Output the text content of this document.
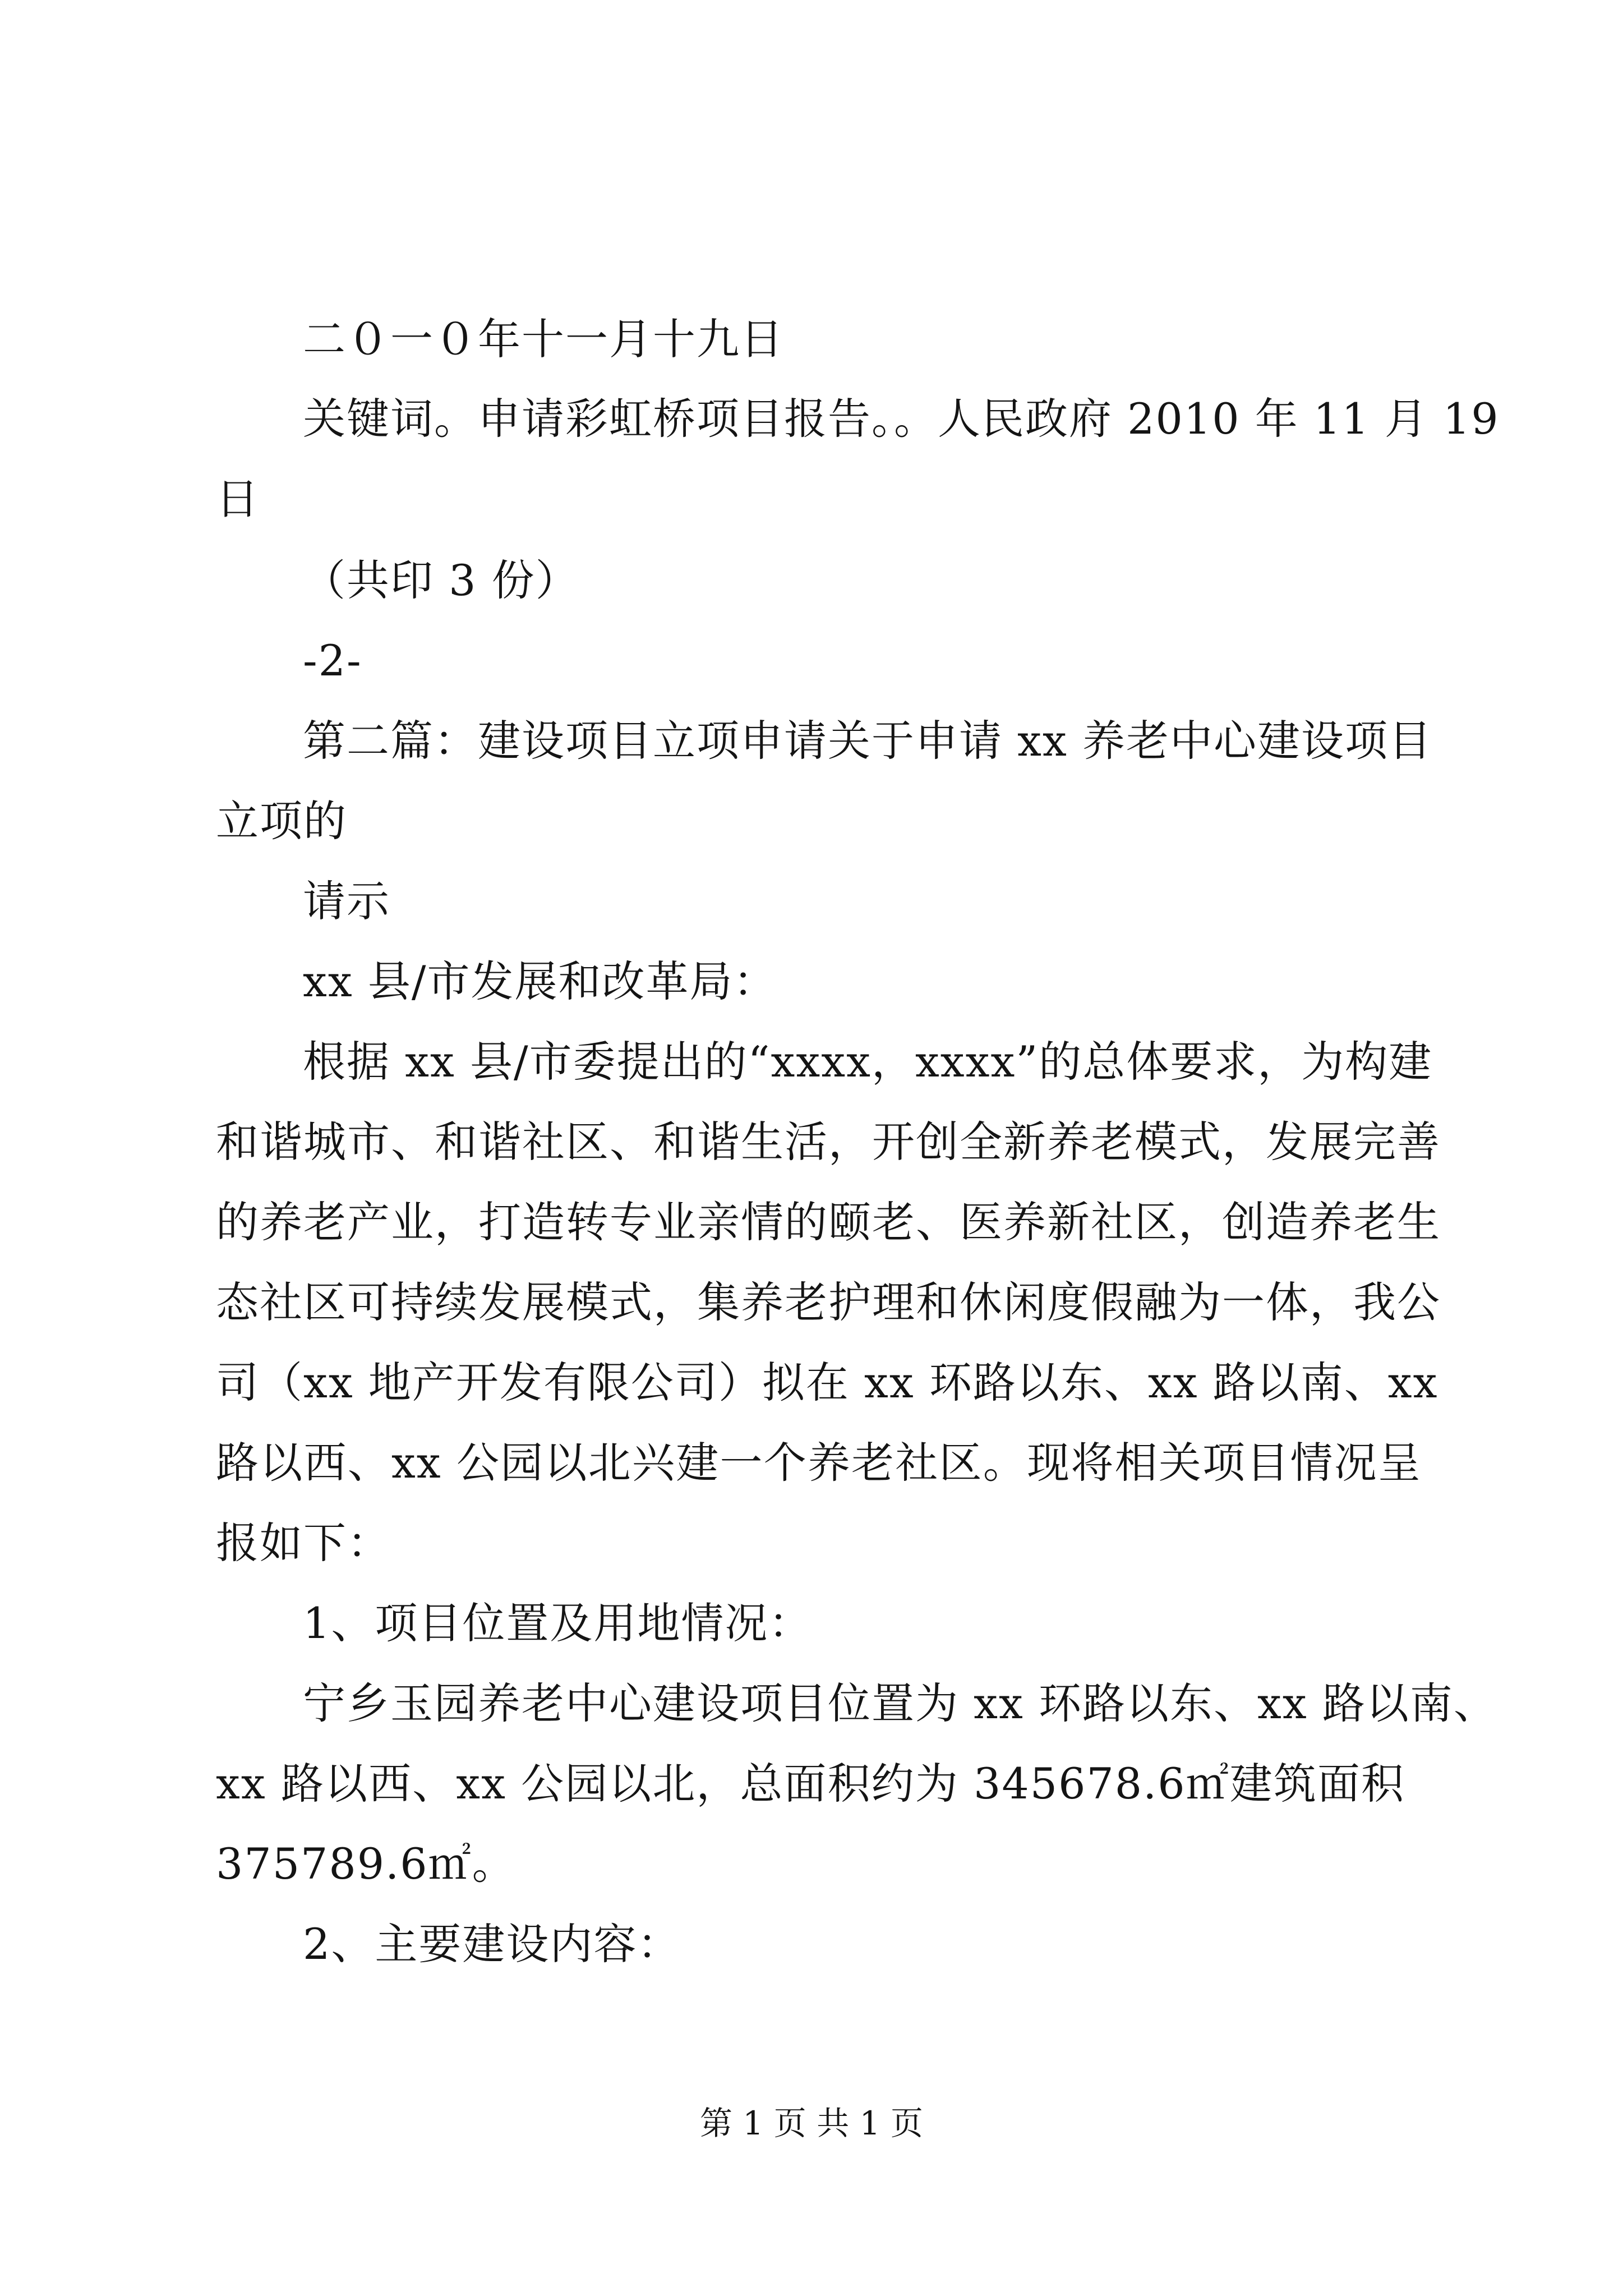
二０一０年十一月十九日
关键词。申请彩虹桥项目报告。。人民政府 2010 年 11 月 19
日
（共印 3 份）
-2-
第二篇：建设项目立项申请关于申请 xx 养老中心建设项目
立项的
请示
xx 县/市发展和改革局：
根据 xx 县/市委提出的“xxxx，xxxx”的总体要求，为构建
和谐城市、和谐社区、和谐生活，开创全新养老模式，发展完善
的养老产业，打造转专业亲情的颐老、医养新社区，创造养老生
态社区可持续发展模式，集养老护理和休闲度假融为一体，我公
司（xx 地产开发有限公司）拟在 xx 环路以东、xx 路以南、xx
路以西、xx 公园以北兴建一个养老社区。现将相关项目情况呈
报如下：
1、项目位置及用地情况：
宁乡玉园养老中心建设项目位置为 xx 环路以东、xx 路以南、
xx 路以西、xx 公园以北，总面积约为 345678.6㎡建筑面积
375789.6㎡。
2、主要建设内容：
第 1 页 共 1 页
